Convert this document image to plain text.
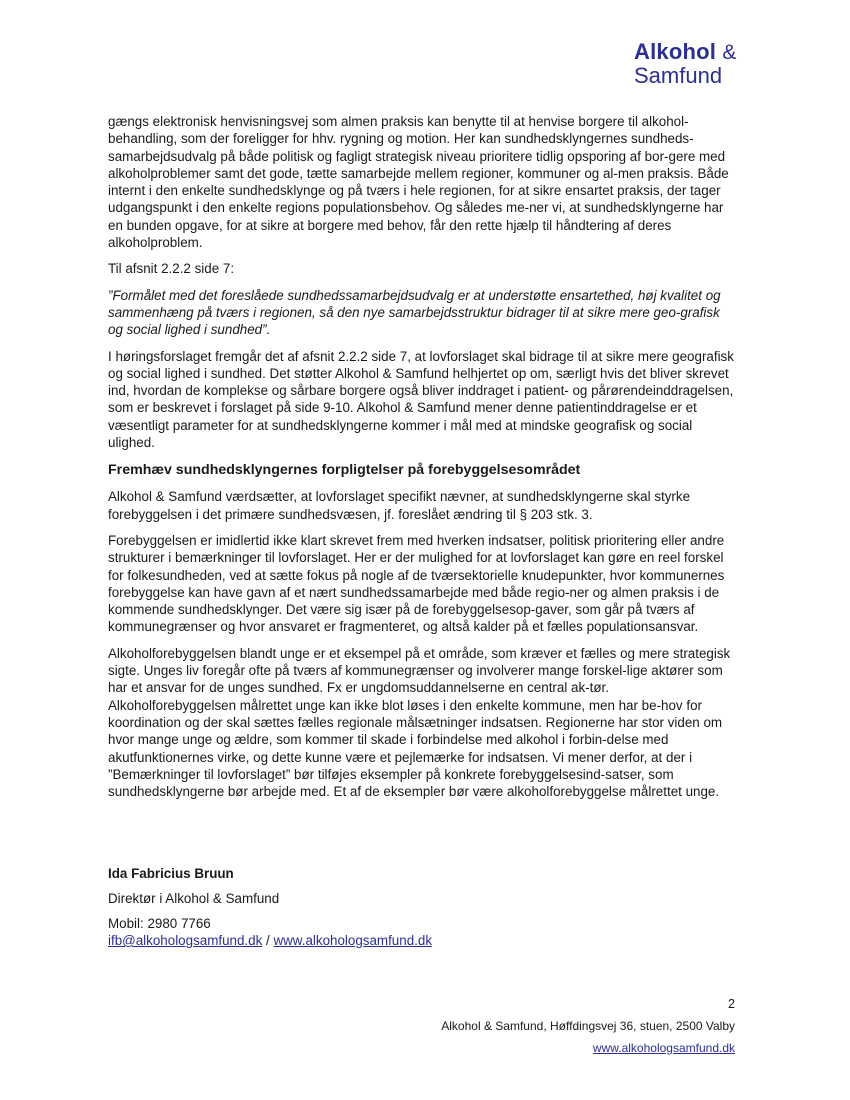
Alkohol &
Samfund

gængs elektronisk henvisningsvej som almen praksis kan benytte til at henvise borgere til alkohol-behandling, som der foreligger for hhv. rygning og motion. Her kan sundhedsklyngernes sundheds-samarbejdsudvalg på både politisk og fagligt strategisk niveau prioritere tidlig opsporing af bor-gere med alkoholproblemer samt det gode, tætte samarbejde mellem regioner, kommuner og al-men praksis. Både internt i den enkelte sundhedsklynge og på tværs i hele regionen, for at sikre ensartet praksis, der tager udgangspunkt i den enkelte regions populationsbehov. Og således me-ner vi, at sundhedsklyngerne har en bunden opgave, for at sikre at borgere med behov, får den rette hjælp til håndtering af deres alkoholproblem.

Til afsnit 2.2.2 side 7:

”Formålet med det foreslåede sundhedssamarbejdsudvalg er at understøtte ensartethed, høj kvalitet og sammenhæng på tværs i regionen, så den nye samarbejdsstruktur bidrager til at sikre mere geo-grafisk og social lighed i sundhed”.

I høringsforslaget fremgår det af afsnit 2.2.2 side 7, at lovforslaget skal bidrage til at sikre mere geografisk og social lighed i sundhed. Det støtter Alkohol & Samfund helhjertet op om, særligt hvis det bliver skrevet ind, hvordan de komplekse og sårbare borgere også bliver inddraget i patient- og pårørendeinddragelsen, som er beskrevet i forslaget på side 9-10. Alkohol & Samfund mener denne patientinddragelse er et væsentligt parameter for at sundhedsklyngerne kommer i mål med at mindske geografisk og social ulighed.

Fremhæv sundhedsklyngernes forpligtelser på forebyggelsesområdet

Alkohol & Samfund værdsætter, at lovforslaget specifikt nævner, at sundhedsklyngerne skal styrke forebyggelsen i det primære sundhedsvæsen, jf. foreslået ændring til § 203 stk. 3.

Forebyggelsen er imidlertid ikke klart skrevet frem med hverken indsatser, politisk prioritering eller andre strukturer i bemærkninger til lovforslaget. Her er der mulighed for at lovforslaget kan gøre en reel forskel for folkesundheden, ved at sætte fokus på nogle af de tværsektorielle knudepunkter, hvor kommunernes forebyggelse kan have gavn af et nært sundhedssamarbejde med både regio-ner og almen praksis i de kommende sundhedsklynger. Det være sig især på de forebyggelsesop-gaver, som går på tværs af kommunegrænser og hvor ansvaret er fragmenteret, og altså kalder på et fælles populationsansvar.

Alkoholforebyggelsen blandt unge er et eksempel på et område, som kræver et fælles og mere strategisk sigte. Unges liv foregår ofte på tværs af kommunegrænser og involverer mange forskel-lige aktører som har et ansvar for de unges sundhed. Fx er ungdomsuddannelserne en central ak-tør. Alkoholforebyggelsen målrettet unge kan ikke blot løses i den enkelte kommune, men har be-hov for koordination og der skal sættes fælles regionale målsætninger indsatsen. Regionerne har stor viden om hvor mange unge og ældre, som kommer til skade i forbindelse med alkohol i forbin-delse med akutfunktionernes virke, og dette kunne være et pejlemærke for indsatsen. Vi mener derfor, at der i ”Bemærkninger til lovforslaget” bør tilføjes eksempler på konkrete forebyggelsesind-satser, som sundhedsklyngerne bør arbejde med. Et af de eksempler bør være alkoholforebyggelse målrettet unge.

Ida Fabricius Bruun
Direktør i Alkohol & Samfund
Mobil: 2980 7766
ifb@alkohologsamfund.dk / www.alkohologsamfund.dk
2
Alkohol & Samfund, Høffdingsvej 36, stuen, 2500 Valby
www.alkohologsamfund.dk
